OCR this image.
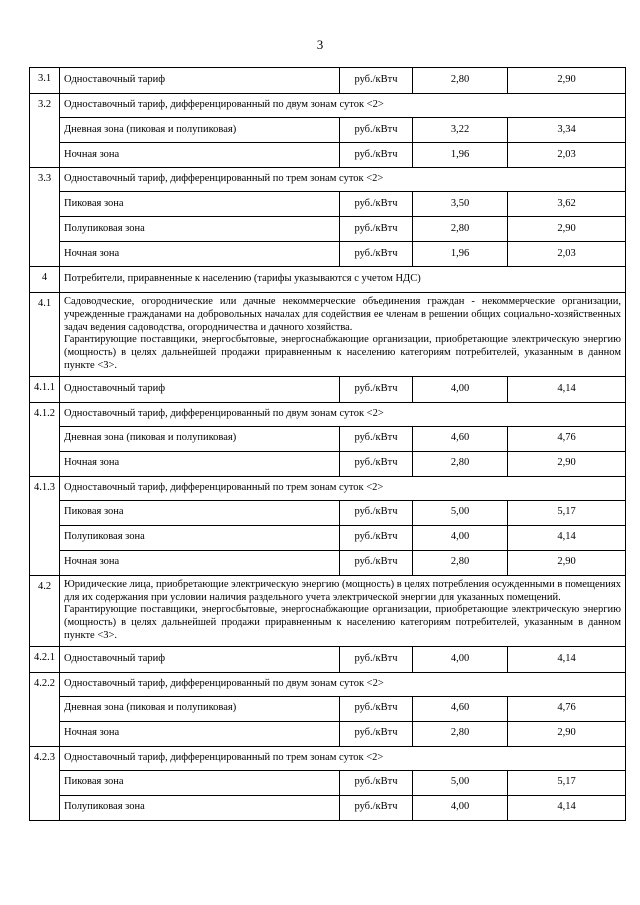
3
3.1	Одноставочный тариф	руб./кВтч	2,80	2,90
3.2	Одноставочный тариф, дифференцированный по двум зонам суток <2>			
	Дневная зона (пиковая и полупиковая)	руб./кВтч	3,22	3,34
	Ночная зона	руб./кВтч	1,96	2,03
3.3	Одноставочный тариф, дифференцированный по трем зонам суток <2>			
	Пиковая зона	руб./кВтч	3,50	3,62
	Полупиковая зона	руб./кВтч	2,80	2,90
	Ночная зона	руб./кВтч	1,96	2,03
4	Потребители, приравненные к населению (тарифы указываются с учетом НДС)			
4.1	Садоводческие, огороднические или дачные некоммерческие объединения граждан - некоммерческие организации, учрежденные гражданами на добровольных началах для содействия ее членам в решении общих социально-хозяйственных задач ведения садоводства, огородничества и дачного хозяйства.
Гарантирующие поставщики, энергосбытовые, энергоснабжающие организации, приобретающие электрическую энергию (мощность) в целях дальнейшей продажи приравненным к населению категориям потребителей, указанным в данном пункте <3>.			

4.1.1	Одноставочный тариф	руб./кВтч	4,00	4,14
4.1.2	Одноставочный тариф, дифференцированный по двум зонам суток <2>			
	Дневная зона (пиковая и полупиковая)	руб./кВтч	4,60	4,76
	Ночная зона	руб./кВтч	2,80	2,90
4.1.3	Одноставочный тариф, дифференцированный по трем зонам суток <2>			
	Пиковая зона	руб./кВтч	5,00	5,17
	Полупиковая зона	руб./кВтч	4,00	4,14
	Ночная зона	руб./кВтч	2,80	2,90
4.2	Юридические лица, приобретающие электрическую энергию (мощность) в целях потребления осужденными в помещениях для их содержания при условии наличия раздельного учета электрической энергии для указанных помещений.
Гарантирующие поставщики, энергосбытовые, энергоснабжающие организации, приобретающие электрическую энергию (мощность) в целях дальнейшей продажи приравненным к населению категориям потребителей, указанным в данном пункте <3>.			

4.2.1	Одноставочный тариф	руб./кВтч	4,00	4,14
4.2.2	Одноставочный тариф, дифференцированный по двум зонам суток <2>			
	Дневная зона (пиковая и полупиковая)	руб./кВтч	4,60	4,76
	Ночная зона	руб./кВтч	2,80	2,90
4.2.3	Одноставочный тариф, дифференцированный по трем зонам суток <2>			
	Пиковая зона	руб./кВтч	5,00	5,17
	Полупиковая зона	руб./кВтч	4,00	4,14
